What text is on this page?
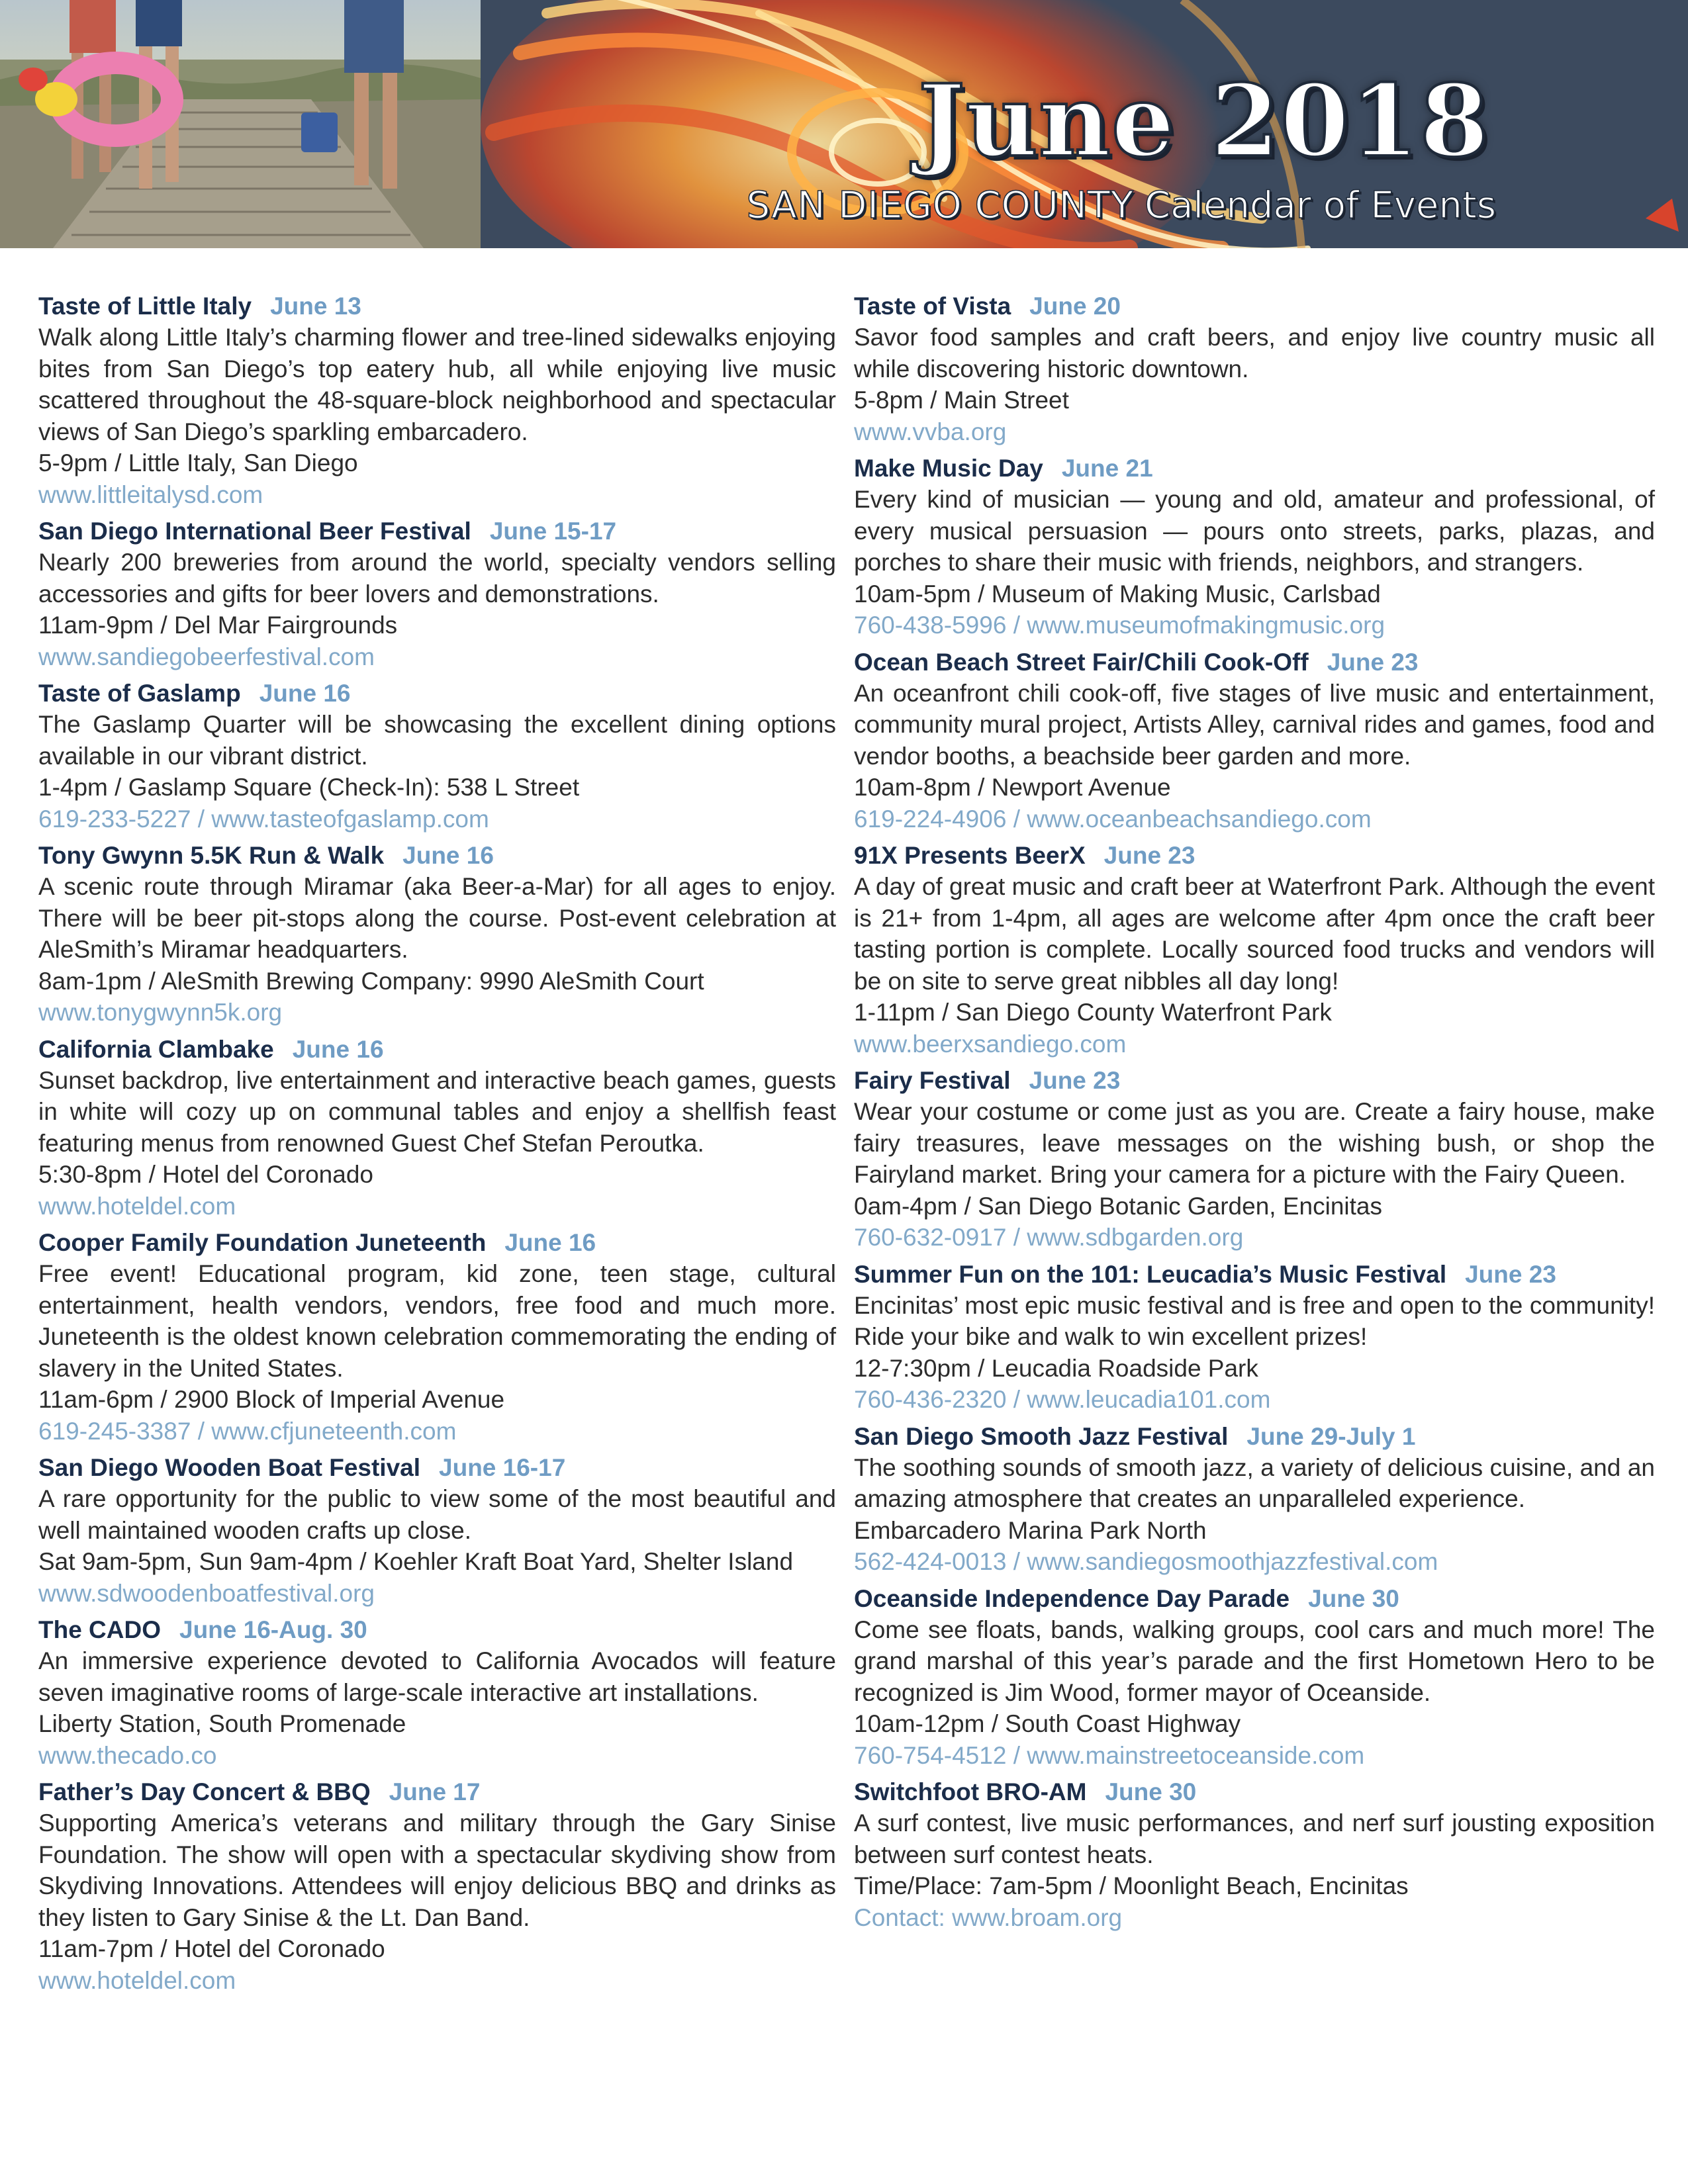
June 2018
SAN DIEGO COUNTY Calendar of Events
Taste of Little Italy June 13
Walk along Little Italy’s charming flower and tree-lined sidewalks enjoying bites from San Diego’s top eatery hub, all while enjoying live music scattered throughout the 48-square-block neighborhood and spectacular views of San Diego’s sparkling embarcadero.
5-9pm / Little Italy, San Diego
www.littleitalysd.com
San Diego International Beer Festival June 15-17
Nearly 200 breweries from around the world, specialty vendors selling accessories and gifts for beer lovers and demonstrations.
11am-9pm / Del Mar Fairgrounds
www.sandiegobeerfestival.com
Taste of Gaslamp June 16
The Gaslamp Quarter will be showcasing the excellent dining options available in our vibrant district.
1-4pm / Gaslamp Square (Check-In): 538 L Street
619-233-5227 / www.tasteofgaslamp.com
Tony Gwynn 5.5K Run & Walk June 16
A scenic route through Miramar (aka Beer-a-Mar) for all ages to enjoy. There will be beer pit-stops along the course. Post-event celebration at AleSmith’s Miramar headquarters.
8am-1pm / AleSmith Brewing Company: 9990 AleSmith Court
www.tonygwynn5k.org
California Clambake June 16
Sunset backdrop, live entertainment and interactive beach games, guests in white will cozy up on communal tables and enjoy a shellfish feast featuring menus from renowned Guest Chef Stefan Peroutka.
5:30-8pm / Hotel del Coronado
www.hoteldel.com
Cooper Family Foundation Juneteenth June 16
Free event! Educational program, kid zone, teen stage, cultural entertainment, health vendors, vendors, free food and much more. Juneteenth is the oldest known celebration commemorating the ending of slavery in the United States.
11am-6pm / 2900 Block of Imperial Avenue
619-245-3387 / www.cfjuneteenth.com
San Diego Wooden Boat Festival June 16-17
A rare opportunity for the public to view some of the most beautiful and well maintained wooden crafts up close.
Sat 9am-5pm, Sun 9am-4pm / Koehler Kraft Boat Yard, Shelter Island
www.sdwoodenboatfestival.org
The CADO June 16-Aug. 30
An immersive experience devoted to California Avocados will feature seven imaginative rooms of large-scale interactive art installations.
Liberty Station, South Promenade
www.thecado.co
Father’s Day Concert & BBQ June 17
Supporting America’s veterans and military through the Gary Sinise Foundation. The show will open with a spectacular skydiving show from Skydiving Innovations. Attendees will enjoy delicious BBQ and drinks as they listen to Gary Sinise & the Lt. Dan Band.
11am-7pm / Hotel del Coronado
www.hoteldel.com
Taste of Vista June 20
Savor food samples and craft beers, and enjoy live country music all while discovering historic downtown.
5-8pm / Main Street
www.vvba.org
Make Music Day June 21
Every kind of musician — young and old, amateur and professional, of every musical persuasion — pours onto streets, parks, plazas, and porches to share their music with friends, neighbors, and strangers.
10am-5pm / Museum of Making Music, Carlsbad
760-438-5996 / www.museumofmakingmusic.org
Ocean Beach Street Fair/Chili Cook-Off June 23
An oceanfront chili cook-off, five stages of live music and entertainment, community mural project, Artists Alley, carnival rides and games, food and vendor booths, a beachside beer garden and more.
10am-8pm / Newport Avenue
619-224-4906 / www.oceanbeachsandiego.com
91X Presents BeerX June 23
A day of great music and craft beer at Waterfront Park. Although the event is 21+ from 1-4pm, all ages are welcome after 4pm once the craft beer tasting portion is complete. Locally sourced food trucks and vendors will be on site to serve great nibbles all day long!
1-11pm / San Diego County Waterfront Park
www.beerxsandiego.com
Fairy Festival June 23
Wear your costume or come just as you are. Create a fairy house, make fairy treasures, leave messages on the wishing bush, or shop the Fairyland market. Bring your camera for a picture with the Fairy Queen.
0am-4pm / San Diego Botanic Garden, Encinitas
760-632-0917 / www.sdbgarden.org
Summer Fun on the 101: Leucadia’s Music Festival June 23
Encinitas’ most epic music festival and is free and open to the community! Ride your bike and walk to win excellent prizes!
12-7:30pm / Leucadia Roadside Park
760-436-2320 / www.leucadia101.com
San Diego Smooth Jazz Festival June 29-July 1
The soothing sounds of smooth jazz, a variety of delicious cuisine, and an amazing atmosphere that creates an unparalleled experience.
Embarcadero Marina Park North
562-424-0013 / www.sandiegosmoothjazzfestival.com
Oceanside Independence Day Parade June 30
Come see floats, bands, walking groups, cool cars and much more! The grand marshal of this year’s parade and the first Hometown Hero to be recognized is Jim Wood, former mayor of Oceanside.
10am-12pm / South Coast Highway
760-754-4512 / www.mainstreetoceanside.com
Switchfoot BRO-AM June 30
A surf contest, live music performances, and nerf surf jousting exposition between surf contest heats.
Time/Place: 7am-5pm / Moonlight Beach, Encinitas
Contact: www.broam.org
